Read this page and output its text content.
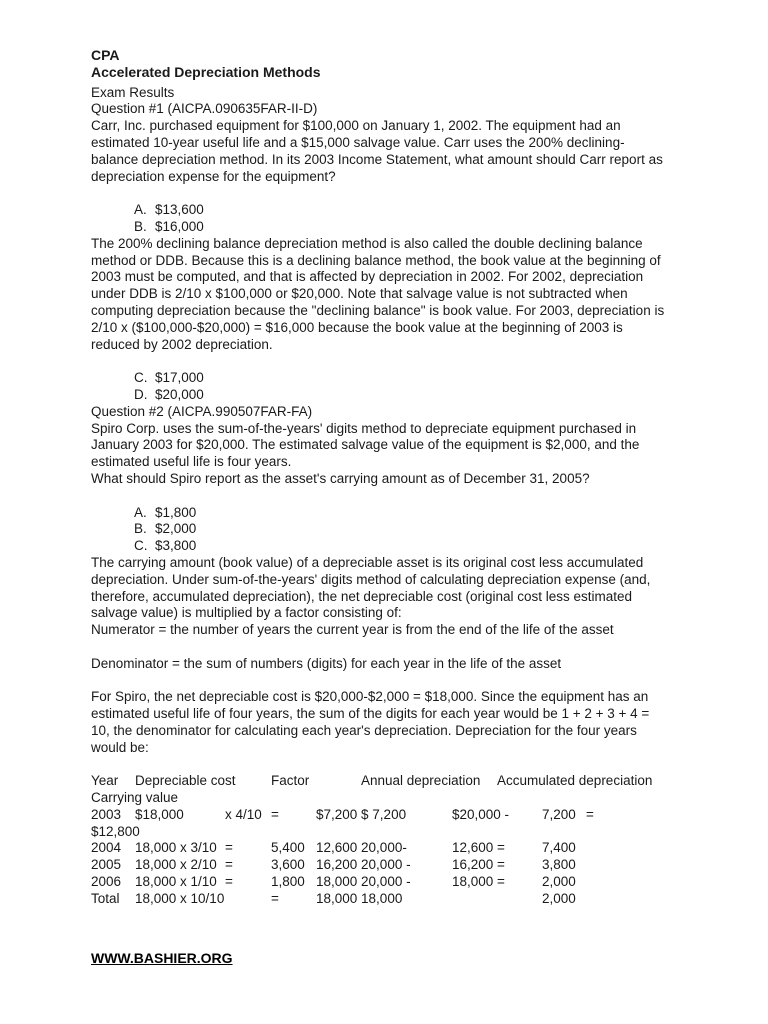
CPA
Accelerated Depreciation Methods
Exam Results
Question #1 (AICPA.090635FAR-II-D)
Carr, Inc. purchased equipment for $100,000 on January 1, 2002. The equipment had an
estimated 10-year useful life and a $15,000 salvage value. Carr uses the 200% declining-
balance depreciation method. In its 2003 Income Statement, what amount should Carr report as
depreciation expense for the equipment?
A. $13,600
B. $16,000
The 200% declining balance depreciation method is also called the double declining balance
method or DDB. Because this is a declining balance method, the book value at the beginning of
2003 must be computed, and that is affected by depreciation in 2002. For 2002, depreciation
under DDB is 2/10 x $100,000 or $20,000. Note that salvage value is not subtracted when
computing depreciation because the "declining balance" is book value. For 2003, depreciation is
2/10 x ($100,000-$20,000) = $16,000 because the book value at the beginning of 2003 is
reduced by 2002 depreciation.
C. $17,000
D. $20,000
Question #2 (AICPA.990507FAR-FA)
Spiro Corp. uses the sum-of-the-years' digits method to depreciate equipment purchased in
January 2003 for $20,000. The estimated salvage value of the equipment is $2,000, and the
estimated useful life is four years.
What should Spiro report as the asset's carrying amount as of December 31, 2005?
A. $1,800
B. $2,000
C. $3,800
The carrying amount (book value) of a depreciable asset is its original cost less accumulated
depreciation. Under sum-of-the-years' digits method of calculating depreciation expense (and,
therefore, accumulated depreciation), the net depreciable cost (original cost less estimated
salvage value) is multiplied by a factor consisting of:
Numerator = the number of years the current year is from the end of the life of the asset
Denominator = the sum of numbers (digits) for each year in the life of the asset
For Spiro, the net depreciable cost is $20,000-$2,000 = $18,000. Since the equipment has an
estimated useful life of four years, the sum of the digits for each year would be 1 + 2 + 3 + 4 =
10, the denominator for calculating each year's depreciation. Depreciation for the four years
would be:
Year Depreciable cost	Factor	Annual depreciation Accumulated depreciation
Carrying value
2003 $18,000	x 4/10 =	$7,200 $ 7,200	$20,000 - 7,200 =
$12,800
2004 18,000 x 3/10 =	5,400 12,600 20,000-	12,600 =	7,400
2005 18,000 x 2/10 =	3,600 16,200 20,000 -	16,200 =	3,800
2006 18,000 x 1/10 =	1,800 18,000 20,000 -	18,000 =	2,000
Total 18,000 x 10/10	=	18,000 18,000	2,000
WWW.BASHIER.ORG
